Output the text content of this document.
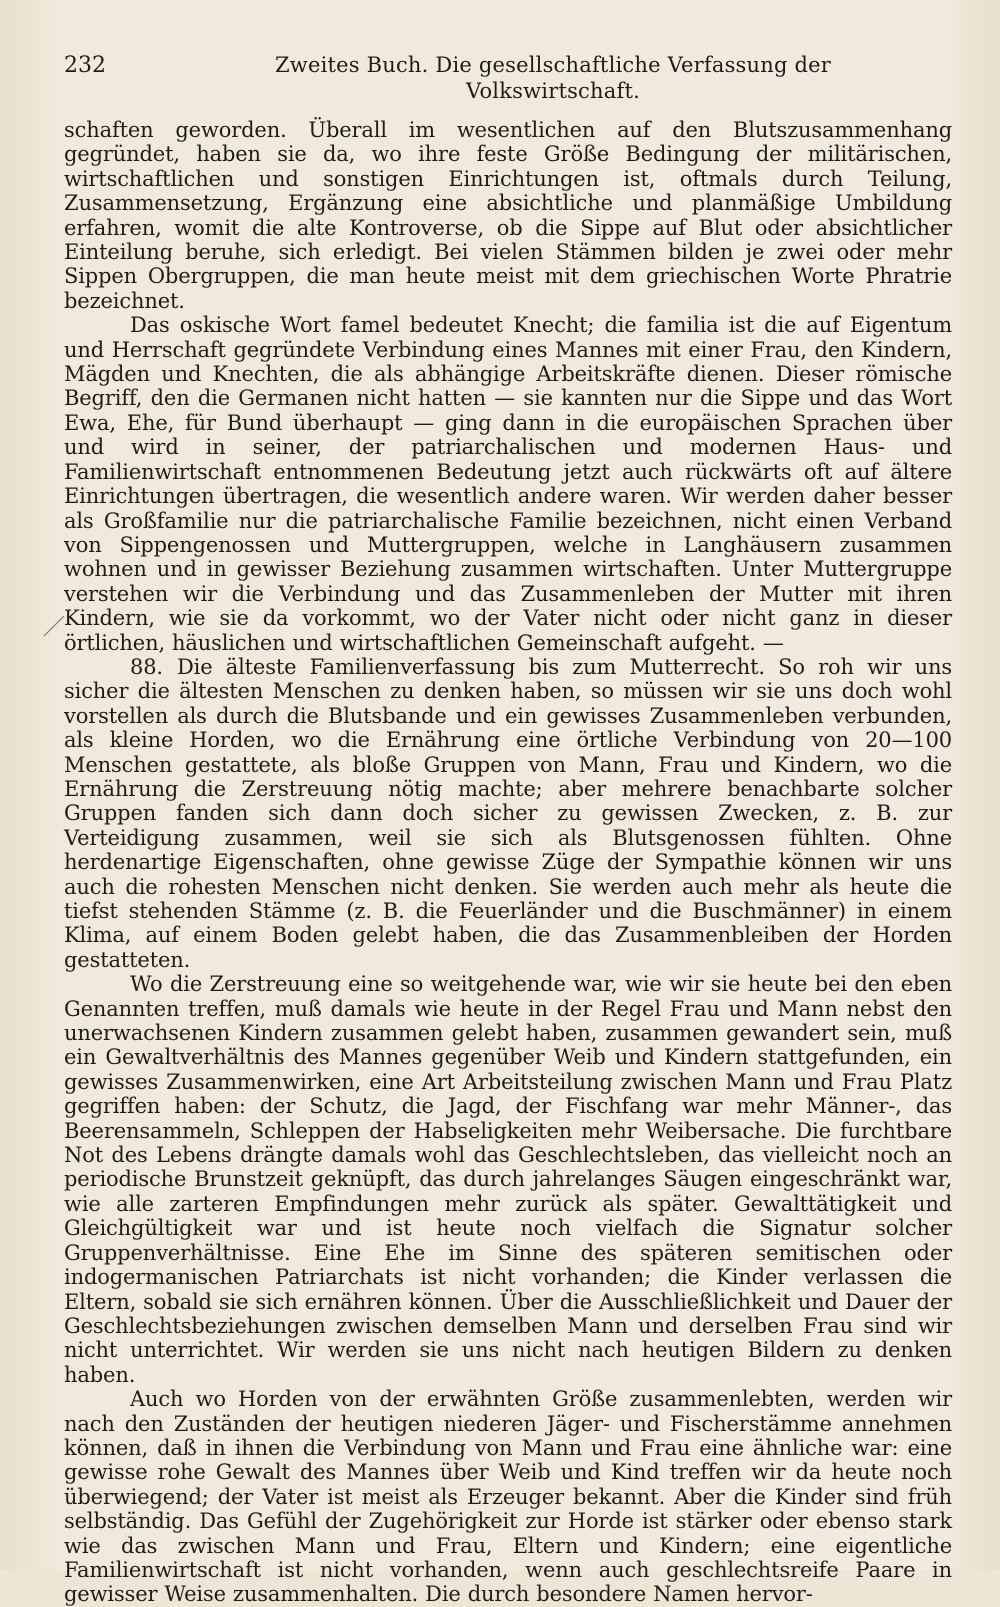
232	Zweites Buch. Die gesellschaftliche Verfassung der Volkswirtschaft.

schaften geworden. Überall im wesentlichen auf den Blutszusammenhang gegründet, haben sie da, wo ihre feste Größe Bedingung der militärischen, wirtschaftlichen und sonstigen Einrichtungen ist, oftmals durch Teilung, Zusammensetzung, Ergänzung eine absichtliche und planmäßige Umbildung erfahren, womit die alte Kontroverse, ob die Sippe auf Blut oder absichtlicher Einteilung beruhe, sich erledigt. Bei vielen Stämmen bilden je zwei oder mehr Sippen Obergruppen, die man heute meist mit dem griechischen Worte Phratrie bezeichnet.

Das oskische Wort famel bedeutet Knecht; die familia ist die auf Eigentum und Herrschaft gegründete Verbindung eines Mannes mit einer Frau, den Kindern, Mägden und Knechten, die als abhängige Arbeitskräfte dienen. Dieser römische Begriff, den die Germanen nicht hatten — sie kannten nur die Sippe und das Wort Ewa, Ehe, für Bund überhaupt — ging dann in die europäischen Sprachen über und wird in seiner, der patriarchalischen und modernen Haus- und Familienwirtschaft entnommenen Bedeutung jetzt auch rückwärts oft auf ältere Einrichtungen übertragen, die wesentlich andere waren. Wir werden daher besser als Großfamilie nur die patriarchalische Familie bezeichnen, nicht einen Verband von Sippengenossen und Muttergruppen, welche in Langhäusern zusammen wohnen und in gewisser Beziehung zusammen wirtschaften. Unter Muttergruppe verstehen wir die Verbindung und das Zusammenleben der Mutter mit ihren Kindern, wie sie da vorkommt, wo der Vater nicht oder nicht ganz in dieser örtlichen, häuslichen und wirtschaftlichen Gemeinschaft aufgeht. —

88. Die älteste Familienverfassung bis zum Mutterrecht. So roh wir uns sicher die ältesten Menschen zu denken haben, so müssen wir sie uns doch wohl vorstellen als durch die Blutsbande und ein gewisses Zusammenleben verbunden, als kleine Horden, wo die Ernährung eine örtliche Verbindung von 20—100 Menschen gestattete, als bloße Gruppen von Mann, Frau und Kindern, wo die Ernährung die Zerstreuung nötig machte; aber mehrere benachbarte solcher Gruppen fanden sich dann doch sicher zu gewissen Zwecken, z. B. zur Verteidigung zusammen, weil sie sich als Blutsgenossen fühlten. Ohne herdenartige Eigenschaften, ohne gewisse Züge der Sympathie können wir uns auch die rohesten Menschen nicht denken. Sie werden auch mehr als heute die tiefst stehenden Stämme (z. B. die Feuerländer und die Buschmänner) in einem Klima, auf einem Boden gelebt haben, die das Zusammenbleiben der Horden gestatteten.

Wo die Zerstreuung eine so weitgehende war, wie wir sie heute bei den eben Genannten treffen, muß damals wie heute in der Regel Frau und Mann nebst den unerwachsenen Kindern zusammen gelebt haben, zusammen gewandert sein, muß ein Gewaltverhältnis des Mannes gegenüber Weib und Kindern stattgefunden, ein gewisses Zusammenwirken, eine Art Arbeitsteilung zwischen Mann und Frau Platz gegriffen haben: der Schutz, die Jagd, der Fischfang war mehr Männer-, das Beerensammeln, Schleppen der Habseligkeiten mehr Weibersache. Die furchtbare Not des Lebens drängte damals wohl das Geschlechtsleben, das vielleicht noch an periodische Brunstzeit geknüpft, das durch jahrelanges Säugen eingeschränkt war, wie alle zarteren Empfindungen mehr zurück als später. Gewalttätigkeit und Gleichgültigkeit war und ist heute noch vielfach die Signatur solcher Gruppenverhältnisse. Eine Ehe im Sinne des späteren semitischen oder indogermanischen Patriarchats ist nicht vorhanden; die Kinder verlassen die Eltern, sobald sie sich ernähren können. Über die Ausschließlichkeit und Dauer der Geschlechtsbeziehungen zwischen demselben Mann und derselben Frau sind wir nicht unterrichtet. Wir werden sie uns nicht nach heutigen Bildern zu denken haben.

Auch wo Horden von der erwähnten Größe zusammenlebten, werden wir nach den Zuständen der heutigen niederen Jäger- und Fischerstämme annehmen können, daß in ihnen die Verbindung von Mann und Frau eine ähnliche war: eine gewisse rohe Gewalt des Mannes über Weib und Kind treffen wir da heute noch überwiegend; der Vater ist meist als Erzeuger bekannt. Aber die Kinder sind früh selbständig. Das Gefühl der Zugehörigkeit zur Horde ist stärker oder ebenso stark wie das zwischen Mann und Frau, Eltern und Kindern; eine eigentliche Familienwirtschaft ist nicht vorhanden, wenn auch geschlechtsreife Paare in gewisser Weise zusammenhalten. Die durch besondere Namen hervor-
